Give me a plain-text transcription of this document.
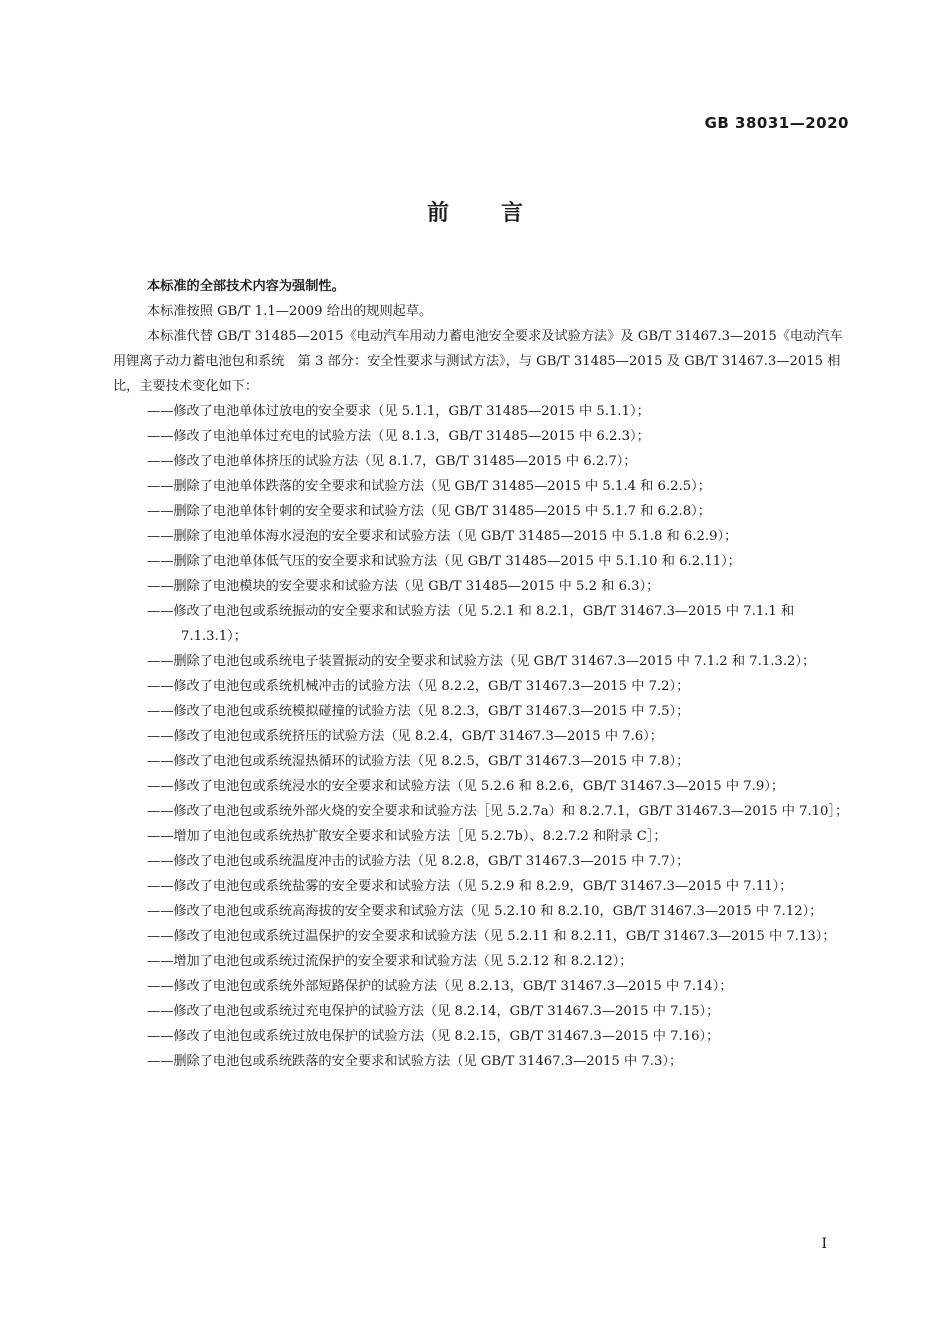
GB 38031—2020
前言

本标准的全部技术内容为强制性。

本标准按照 GB/T 1.1—2009 给出的规则起草。

本标准代替 GB/T 31485—2015《电动汽车用动力蓄电池安全要求及试验方法》及 GB/T 31467.3—2015《电动汽车用锂离子动力蓄电池包和系统　第 3 部分：安全性要求与测试方法》，与 GB/T 31485—2015 及 GB/T 31467.3—2015 相比，主要技术变化如下：

——修改了电池单体过放电的安全要求（见 5.1.1，GB/T 31485—2015 中 5.1.1）；

——修改了电池单体过充电的试验方法（见 8.1.3，GB/T 31485—2015 中 6.2.3）；

——修改了电池单体挤压的试验方法（见 8.1.7，GB/T 31485—2015 中 6.2.7）；

——删除了电池单体跌落的安全要求和试验方法（见 GB/T 31485—2015 中 5.1.4 和 6.2.5）；

——删除了电池单体针刺的安全要求和试验方法（见 GB/T 31485—2015 中 5.1.7 和 6.2.8）；

——删除了电池单体海水浸泡的安全要求和试验方法（见 GB/T 31485—2015 中 5.1.8 和 6.2.9）；

——删除了电池单体低气压的安全要求和试验方法（见 GB/T 31485—2015 中 5.1.10 和 6.2.11）；

——删除了电池模块的安全要求和试验方法（见 GB/T 31485—2015 中 5.2 和 6.3）；

——修改了电池包或系统振动的安全要求和试验方法（见 5.2.1 和 8.2.1，GB/T 31467.3—2015 中 7.1.1 和 7.1.3.1）；

——删除了电池包或系统电子装置振动的安全要求和试验方法（见 GB/T 31467.3—2015 中 7.1.2 和 7.1.3.2）；

——修改了电池包或系统机械冲击的试验方法（见 8.2.2，GB/T 31467.3—2015 中 7.2）；

——修改了电池包或系统模拟碰撞的试验方法（见 8.2.3，GB/T 31467.3—2015 中 7.5）；

——修改了电池包或系统挤压的试验方法（见 8.2.4，GB/T 31467.3—2015 中 7.6）；

——修改了电池包或系统湿热循环的试验方法（见 8.2.5，GB/T 31467.3—2015 中 7.8）；

——修改了电池包或系统浸水的安全要求和试验方法（见 5.2.6 和 8.2.6，GB/T 31467.3—2015 中 7.9）；

——修改了电池包或系统外部火烧的安全要求和试验方法［见 5.2.7a）和 8.2.7.1，GB/T 31467.3—2015 中 7.10］；

——增加了电池包或系统热扩散安全要求和试验方法［见 5.2.7b）、8.2.7.2 和附录 C］；

——修改了电池包或系统温度冲击的试验方法（见 8.2.8，GB/T 31467.3—2015 中 7.7）；

——修改了电池包或系统盐雾的安全要求和试验方法（见 5.2.9 和 8.2.9，GB/T 31467.3—2015 中 7.11）；

——修改了电池包或系统高海拔的安全要求和试验方法（见 5.2.10 和 8.2.10，GB/T 31467.3—2015 中 7.12）；

——修改了电池包或系统过温保护的安全要求和试验方法（见 5.2.11 和 8.2.11，GB/T 31467.3—2015 中 7.13）；

——增加了电池包或系统过流保护的安全要求和试验方法（见 5.2.12 和 8.2.12）；

——修改了电池包或系统外部短路保护的试验方法（见 8.2.13，GB/T 31467.3—2015 中 7.14）；

——修改了电池包或系统过充电保护的试验方法（见 8.2.14，GB/T 31467.3—2015 中 7.15）；

——修改了电池包或系统过放电保护的试验方法（见 8.2.15，GB/T 31467.3—2015 中 7.16）；

——删除了电池包或系统跌落的安全要求和试验方法（见 GB/T 31467.3—2015 中 7.3）；

Ⅰ
